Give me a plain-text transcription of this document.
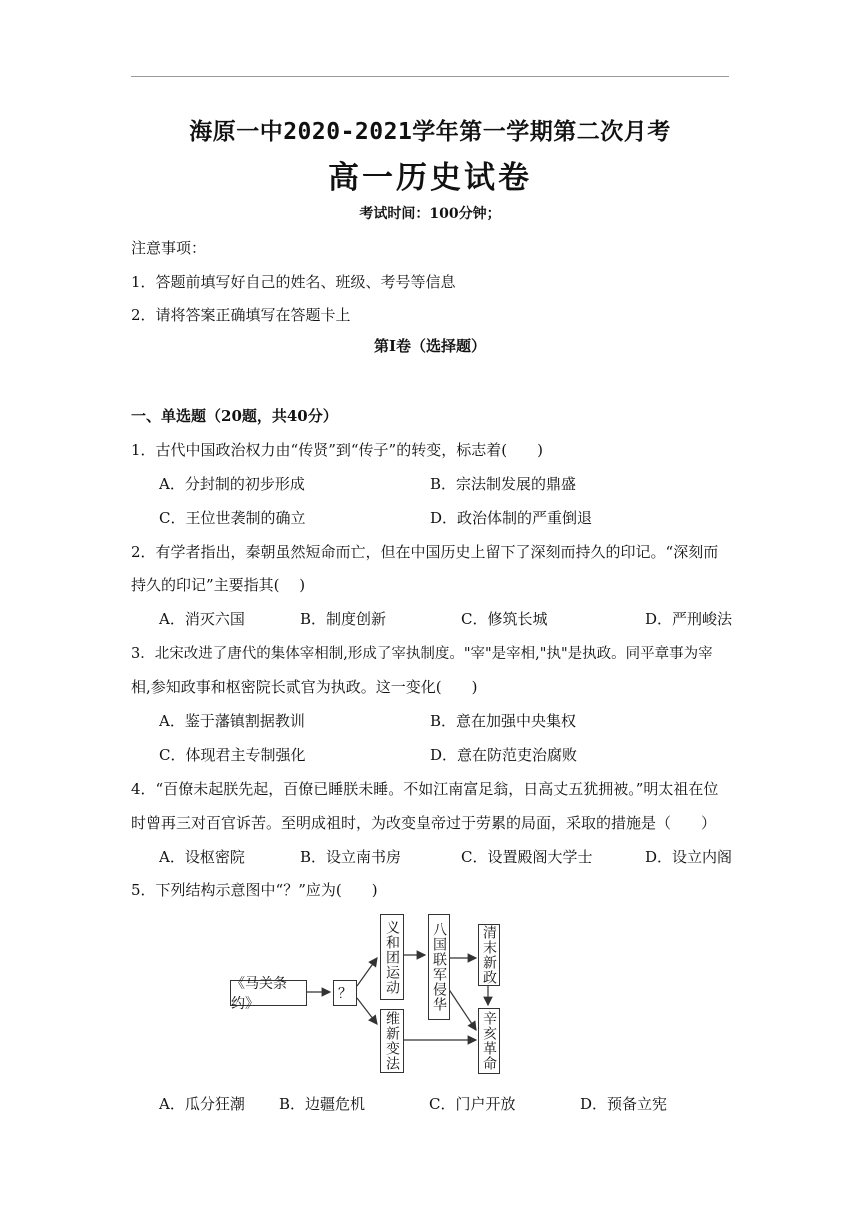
海原一中2020-2021学年第一学期第二次月考
高一历史试卷
考试时间：100分钟；
注意事项：
1．答题前填写好自己的姓名、班级、考号等信息
2．请将答案正确填写在答题卡上
第I卷（选择题）
一、单选题（20题，共40分）
1．古代中国政治权力由“传贤”到“传子”的转变，标志着(　　)
A．分封制的初步形成	B．宗法制发展的鼎盛
C．王位世袭制的确立	D．政治体制的严重倒退
2．有学者指出，秦朝虽然短命而亡，但在中国历史上留下了深刻而持久的印记。“深刻而
持久的印记”主要指其(　 )
A．消灭六国	B．制度创新	C．修筑长城	D．严刑峻法
3．北宋改进了唐代的集体宰相制,形成了宰执制度。"宰"是宰相,"执"是执政。同平章事为宰
相,参知政事和枢密院长贰官为执政。这一变化(　　)
A．鉴于藩镇割据教训	B．意在加强中央集权
C．体现君主专制强化	D．意在防范吏治腐败
4．“百僚未起朕先起，百僚已睡朕未睡。不如江南富足翁，日高丈五犹拥被。”明太祖在位
时曾再三对百官诉苦。至明成祖时，为改变皇帝过于劳累的局面，采取的措施是（　　）
A．设枢密院	B．设立南书房	C．设置殿阁大学士	D．设立内阁
5．下列结构示意图中“？”应为(　　)
《马关条约》
？	义和团运动 八国联军侵华 清末新政
维新变法	辛亥革命
A．瓜分狂潮 B．边疆危机	C．门户开放	D．预备立宪
